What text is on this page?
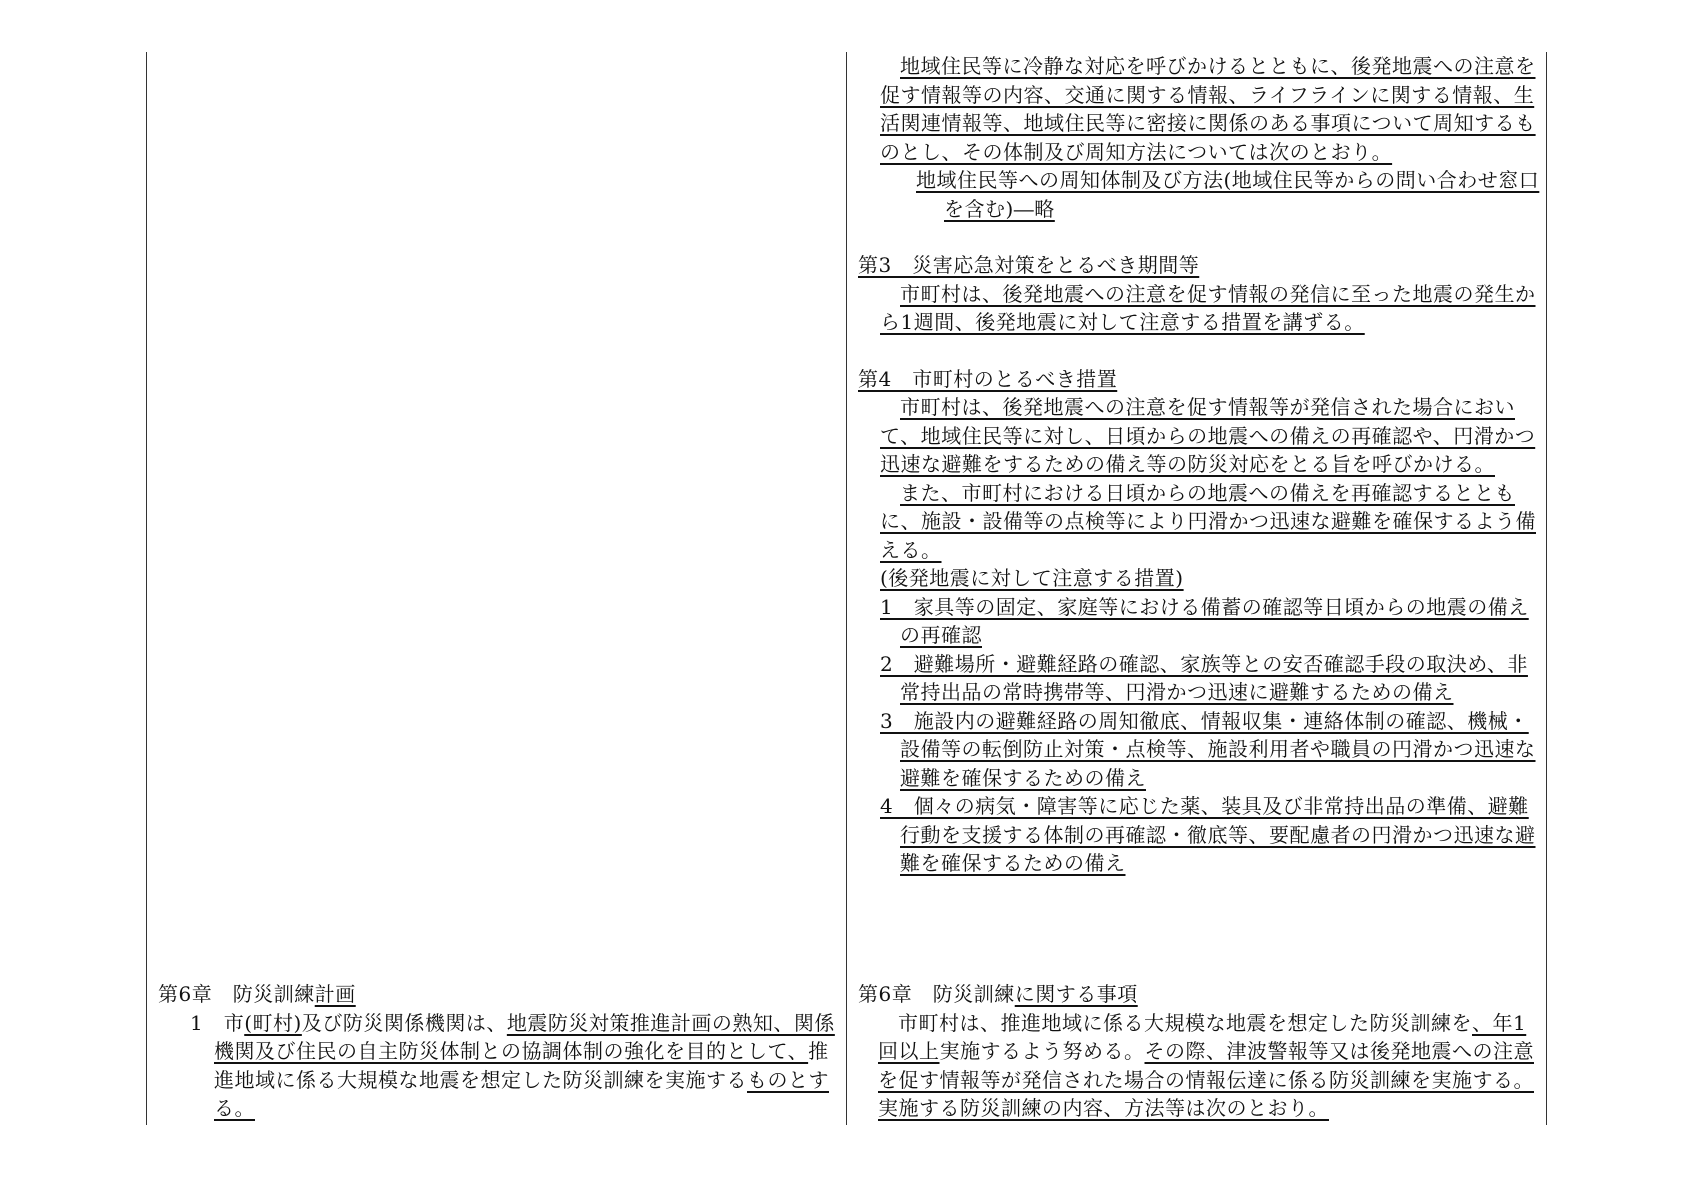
地域住民等に冷静な対応を呼びかけるとともに、後発地震への注意を促す情報等の内容、交通に関する情報、ライフラインに関する情報、生活関連情報等、地域住民等に密接に関係のある事項について周知するものとし、その体制及び周知方法については次のとおり。

地域住民等への周知体制及び方法(地域住民等からの問い合わせ窓口を含む)―略

第3　災害応急対策をとるべき期間等

市町村は、後発地震への注意を促す情報の発信に至った地震の発生から1週間、後発地震に対して注意する措置を講ずる。

第4　市町村のとるべき措置

市町村は、後発地震への注意を促す情報等が発信された場合において、地域住民等に対し、日頃からの地震への備えの再確認や、円滑かつ迅速な避難をするための備え等の防災対応をとる旨を呼びかける。

また、市町村における日頃からの地震への備えを再確認するとともに、施設・設備等の点検等により円滑かつ迅速な避難を確保するよう備える。

(後発地震に対して注意する措置)

1　家具等の固定、家庭等における備蓄の確認等日頃からの地震の備えの再確認

2　避難場所・避難経路の確認、家族等との安否確認手段の取決め、非常持出品の常時携帯等、円滑かつ迅速に避難するための備え

3　施設内の避難経路の周知徹底、情報収集・連絡体制の確認、機械・設備等の転倒防止対策・点検等、施設利用者や職員の円滑かつ迅速な避難を確保するための備え

4　個々の病気・障害等に応じた薬、装具及び非常持出品の準備、避難行動を支援する体制の再確認・徹底等、要配慮者の円滑かつ迅速な避難を確保するための備え

第6章　防災訓練計画

1　市(町村)及び防災関係機関は、地震防災対策推進計画の熟知、関係機関及び住民の自主防災体制との協調体制の強化を目的として、推進地域に係る大規模な地震を想定した防災訓練を実施するものとする。

第6章　防災訓練に関する事項

市町村は、推進地域に係る大規模な地震を想定した防災訓練を、年1回以上実施するよう努める。その際、津波警報等又は後発地震への注意を促す情報等が発信された場合の情報伝達に係る防災訓練を実施する。実施する防災訓練の内容、方法等は次のとおり。
